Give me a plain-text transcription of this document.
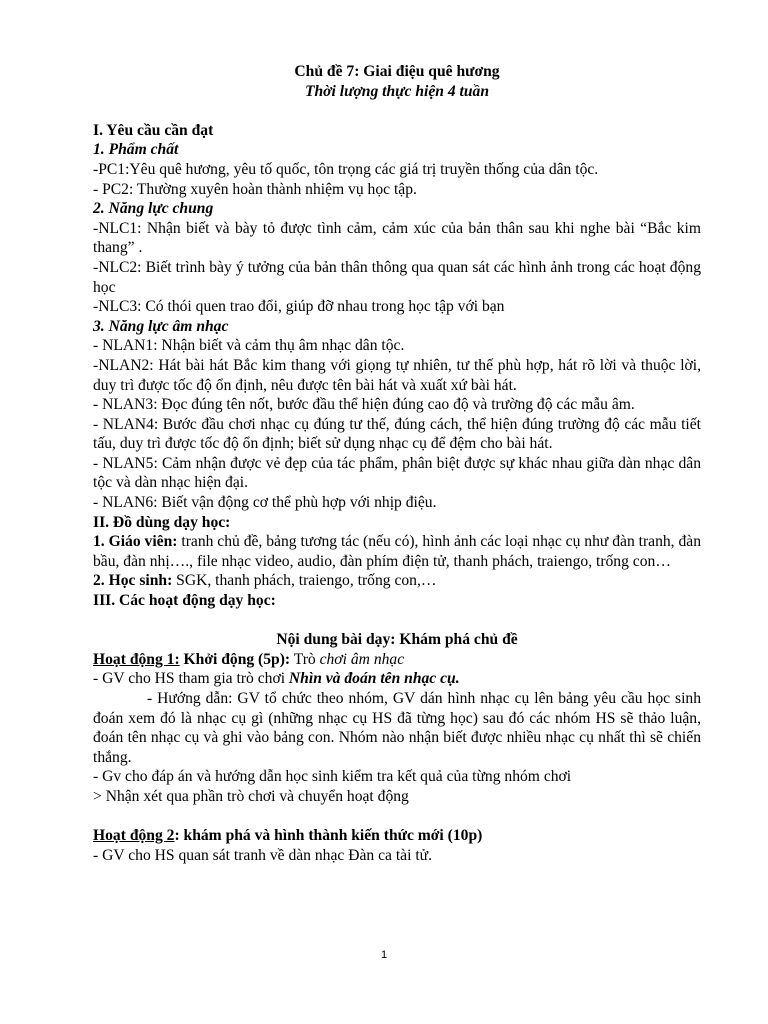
Chủ đề 7: Giai điệu quê hương

Thời lượng thực hiện 4 tuần

I. Yêu cầu cần đạt

1. Phẩm chất

-PC1:Yêu quê hương, yêu tố quốc, tôn trọng các giá trị truyền thống của dân tộc.

- PC2: Thường xuyên hoàn thành nhiệm vụ học tập.

2. Năng lực chung

-NLC1: Nhận biết và bày tỏ được tình cảm, cảm xúc của bản thân sau khi nghe bài “Bắc kim thang” .

-NLC2: Biết trình bày ý tưởng của bản thân thông qua quan sát các hình ảnh trong các hoạt động học

-NLC3: Có thói quen trao đổi, giúp đỡ nhau trong học tập với bạn

3. Năng lực âm nhạc

- NLAN1: Nhận biết và cảm thụ âm nhạc dân tộc.

-NLAN2: Hát bài hát Bắc kim thang với giọng tự nhiên, tư thế phù hợp, hát rõ lời và thuộc lời, duy trì được tốc độ ổn định, nêu được tên bài hát và xuất xứ bài hát.

- NLAN3: Đọc đúng tên nốt, bước đầu thể hiện đúng cao độ và trường độ các mẫu âm.

- NLAN4: Bước đầu chơi nhạc cụ đúng tư thế, đúng cách, thể hiện đúng trường độ các mẫu tiết tấu, duy trì được tốc độ ổn định; biết sử dụng nhạc cụ để đệm cho bài hát.

- NLAN5: Cảm nhận được vẻ đẹp của tác phẩm, phân biệt được sự khác nhau giữa dàn nhạc dân tộc và dàn nhạc hiện đại.

- NLAN6: Biết vận động cơ thể phù hợp với nhịp điệu.

II. Đồ dùng dạy học:

1. Giáo viên: tranh chủ đề, bảng tương tác (nếu có), hình ảnh các loại nhạc cụ như đàn tranh, đàn bầu, đàn nhị…., file nhạc video, audio, đàn phím điện tử, thanh phách, traiengo, trống con…

2. Học sinh: SGK, thanh phách, traiengo, trống con,…

III. Các hoạt động dạy học:

Nội dung bài dạy: Khám phá chủ đề

Hoạt động 1: Khởi động (5p): Trò chơi âm nhạc

- GV cho HS tham gia trò chơi Nhìn và đoán tên nhạc cụ.

- Hướng dẫn: GV tổ chức theo nhóm, GV dán hình nhạc cụ lên bảng yêu cầu học sinh đoán xem đó là nhạc cụ gì (những nhạc cụ HS đã từng học) sau đó các nhóm HS sẽ thảo luận, đoán tên nhạc cụ và ghi vào bảng con. Nhóm nào nhận biết được nhiều nhạc cụ nhất thì sẽ chiến thắng.

- Gv cho đáp án và hướng dẫn học sinh kiểm tra kết quả của từng nhóm chơi

> Nhận xét qua phần trò chơi và chuyển hoạt động

Hoạt động 2: khám phá và hình thành kiến thức mới (10p)

- GV cho HS quan sát tranh về dàn nhạc Đàn ca tài tử.

1
